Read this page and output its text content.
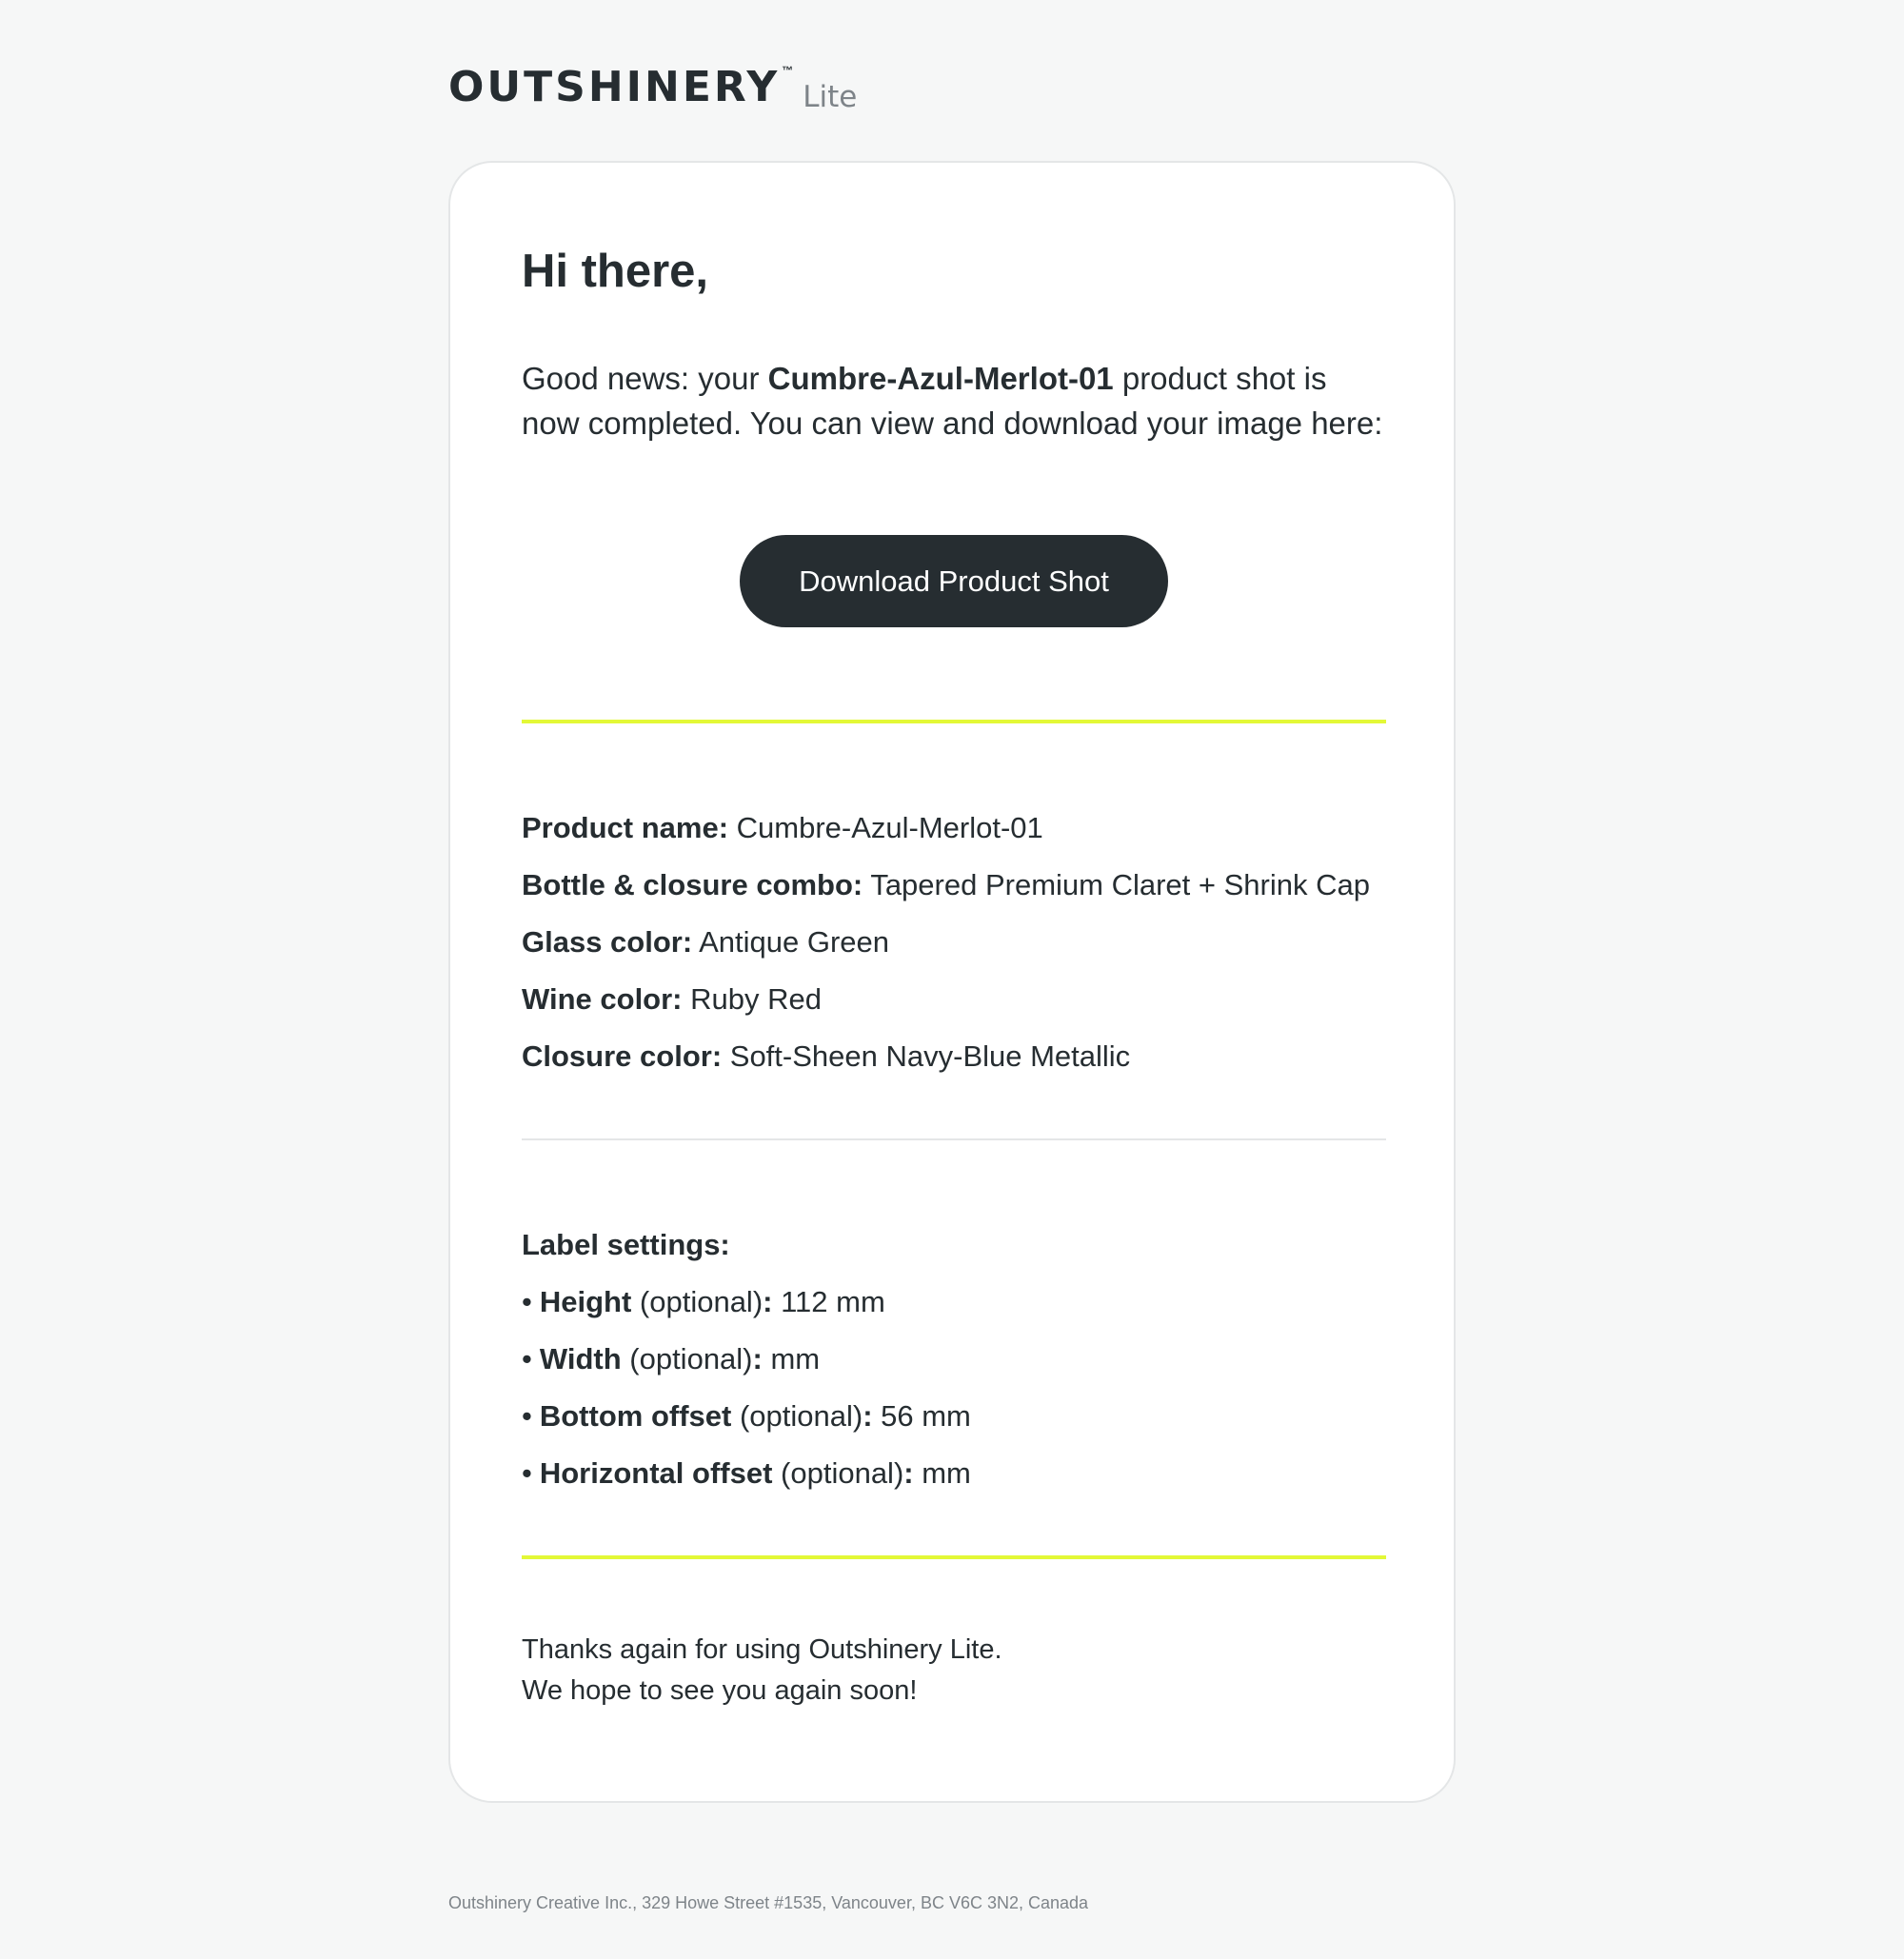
OUTSHINERY ™
Lite
Hi there,

Good news: your Cumbre-Azul-Merlot-01 product shot is now completed. You can view and download your image here:

Download Product Shot
Product name: Cumbre-Azul-Merlot-01
Bottle & closure combo: Tapered Premium Claret + Shrink Cap
Glass color: Antique Green
Wine color: Ruby Red
Closure color: Soft-Sheen Navy-Blue Metallic
Label settings:
• Height (optional): 112 mm
• Width (optional): mm
• Bottom offset (optional): 56 mm
• Horizontal offset (optional): mm

Thanks again for using Outshinery Lite.
We hope to see you again soon!

Outshinery Creative Inc., 329 Howe Street #1535, Vancouver, BC V6C 3N2, Canada
